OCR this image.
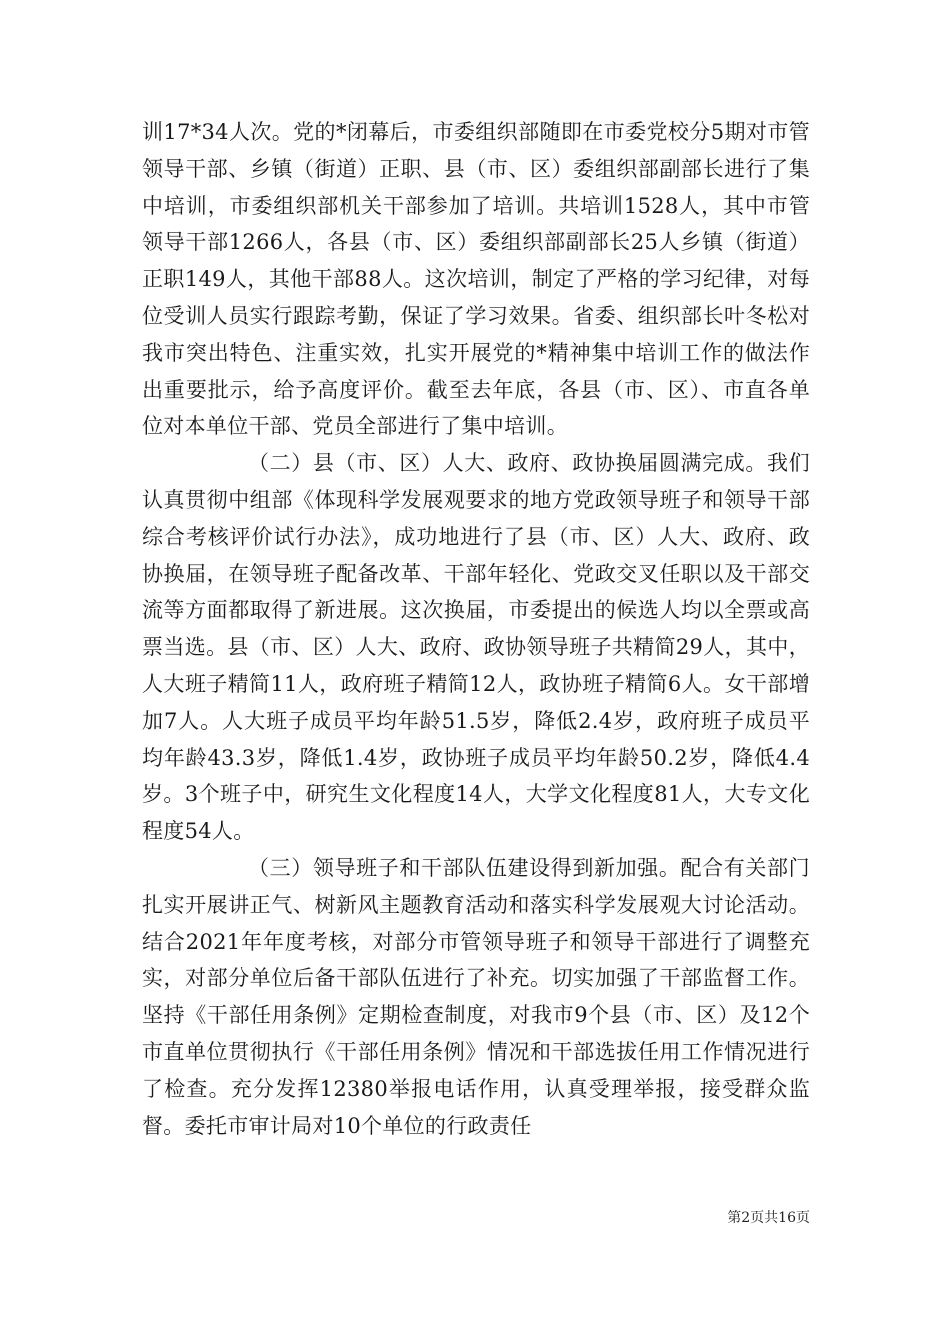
训17*34人次。党的*闭幕后，市委组织部随即在市委党校分5期对市管领导干部、乡镇（街道）正职、县（市、区）委组织部副部长进行了集中培训，市委组织部机关干部参加了培训。共培训1528人，其中市管领导干部1266人，各县（市、区）委组织部副部长25人乡镇（街道）正职149人，其他干部88人。这次培训，制定了严格的学习纪律，对每位受训人员实行跟踪考勤，保证了学习效果。省委、组织部长叶冬松对我市突出特色、注重实效，扎实开展党的*精神集中培训工作的做法作出重要批示，给予高度评价。截至去年底，各县（市、区）、市直各单位对本单位干部、党员全部进行了集中培训。

（二）县（市、区）人大、政府、政协换届圆满完成。我们认真贯彻中组部《体现科学发展观要求的地方党政领导班子和领导干部综合考核评价试行办法》，成功地进行了县（市、区）人大、政府、政协换届，在领导班子配备改革、干部年轻化、党政交叉任职以及干部交流等方面都取得了新进展。这次换届，市委提出的候选人均以全票或高票当选。县（市、区）人大、政府、政协领导班子共精简29人，其中，人大班子精简11人，政府班子精简12人，政协班子精简6人。女干部增加7人。人大班子成员平均年龄51.5岁，降低2.4岁，政府班子成员平均年龄43.3岁，降低1.4岁，政协班子成员平均年龄50.2岁，降低4.4岁。3个班子中，研究生文化程度14人，大学文化程度81人，大专文化程度54人。

（三）领导班子和干部队伍建设得到新加强。配合有关部门扎实开展讲正气、树新风主题教育活动和落实科学发展观大讨论活动。结合2021年年度考核，对部分市管领导班子和领导干部进行了调整充实，对部分单位后备干部队伍进行了补充。切实加强了干部监督工作。坚持《干部任用条例》定期检查制度，对我市9个县（市、区）及12个市直单位贯彻执行《干部任用条例》情况和干部选拔任用工作情况进行了检查。充分发挥12380举报电话作用，认真受理举报，接受群众监督。委托市审计局对10个单位的行政责任

第2页共16页
